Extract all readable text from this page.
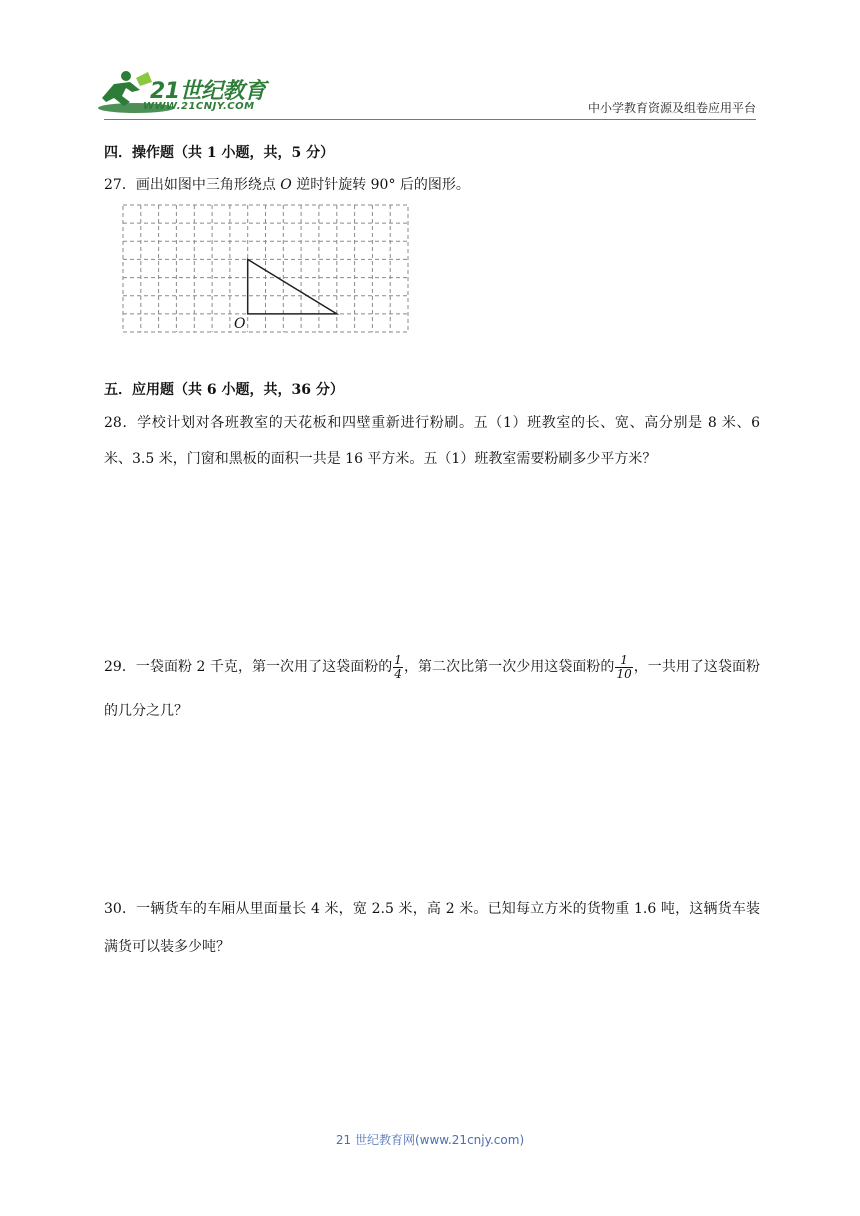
21世纪教育
WWW.21CNJY.COM	中小学教育资源及组卷应用平台
四．操作题（共 1 小题，共，5 分）
27．画出如图中三角形绕点 O 逆时针旋转 90° 后的图形。
O
五．应用题（共 6 小题，共，36 分）
28．学校计划对各班教室的天花板和四壁重新进行粉刷。五（1）班教室的长、宽、高分别是 8 米、6 米、3.5 米，门窗和黑板的面积一共是 16 平方米。五（1）班教室需要粉刷多少平方米？
29．一袋面粉 2 千克，第一次用了这袋面粉的 $\frac{1}{4}$ ，第二次比第一次少用这袋面粉的 $\frac{1}{10}$ ，一共用了这袋面粉的几分之几？
30．一辆货车的车厢从里面量长 4 米，宽 2.5 米，高 2 米。已知每立方米的货物重 1.6 吨，这辆货车装满货可以装多少吨？
21 世纪教育网(www.21cnjy.com)
